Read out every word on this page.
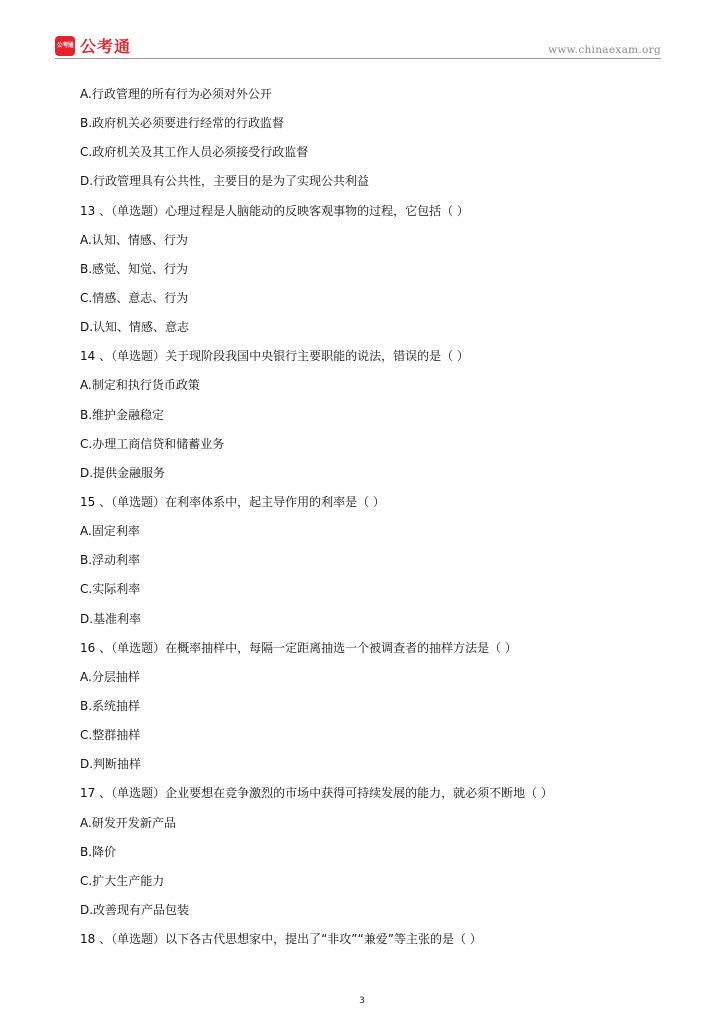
公考通 公考通	www.chinaexam.org
A.行政管理的所有行为必须对外公开
B.政府机关必须要进行经常的行政监督
C.政府机关及其工作人员必须接受行政监督
D.行政管理具有公共性，主要目的是为了实现公共利益
13 、（单选题）心理过程是人脑能动的反映客观事物的过程，它包括（ ）
A.认知、情感、行为
B.感觉、知觉、行为
C.情感、意志、行为
D.认知、情感、意志
14 、（单选题）关于现阶段我国中央银行主要职能的说法，错误的是（ ）
A.制定和执行货币政策
B.维护金融稳定
C.办理工商信贷和储蓄业务
D.提供金融服务
15 、（单选题）在利率体系中，起主导作用的利率是（ ）
A.固定利率
B.浮动利率
C.实际利率
D.基准利率
16 、（单选题）在概率抽样中，每隔一定距离抽选一个被调查者的抽样方法是（ ）
A.分层抽样
B.系统抽样
C.整群抽样
D.判断抽样
17 、（单选题）企业要想在竞争激烈的市场中获得可持续发展的能力，就必须不断地（ ）
A.研发开发新产品
B.降价
C.扩大生产能力
D.改善现有产品包装
18 、（单选题）以下各古代思想家中，提出了“非攻”“兼爱”等主张的是（ ）
3
